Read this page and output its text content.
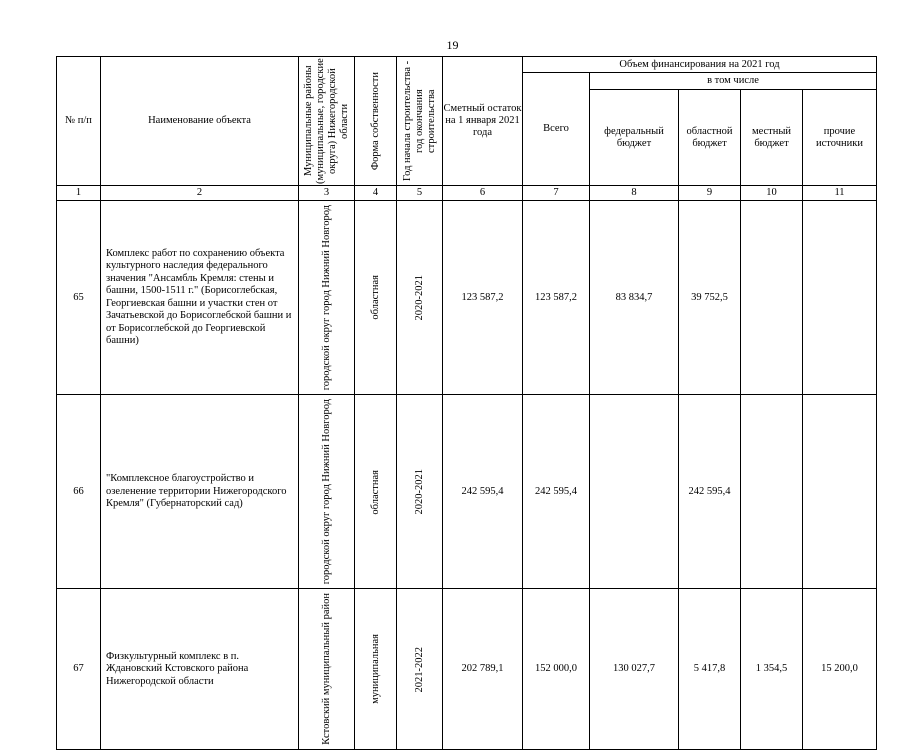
19
№ п/п	Наименование объекта	Муниципальные районы (муниципальные, городские округа) Нижегородской области	Форма собственности	Год начала строительства - год окончания строительства	Сметный остаток на 1 января 2021 года	Объем финансирования на 2021 год				
						Всего	в том числе			
							федеральный бюджет	областной бюджет	местный бюджет	прочие источники
1	2	3	4	5	6	7	8	9	10	11
65	Комплекс работ по сохранению объекта культурного наследия федерального значения "Ансамбль Кремля: стены и башни, 1500-1511 г." (Борисоглебская, Георгиевская башни и участки стен от Зачатьевской до Борисоглебской башни и от Борисоглебской до Георгиевской башни)	городской округ город Нижний Новгород	областная	2020-2021	123 587,2	123 587,2	83 834,7	39 752,5		
66	"Комплексное благоустройство и озеленение территории Нижегородского Кремля" (Губернаторский сад)	городской округ город Нижний Новгород	областная	2020-2021	242 595,4	242 595,4		242 595,4		
67	Физкультурный комплекс в п. Ждановский Кстовского района Нижегородской области	Кстовский муниципальный район	муниципальная	2021-2022	202 789,1	152 000,0	130 027,7	5 417,8	1 354,5	15 200,0
